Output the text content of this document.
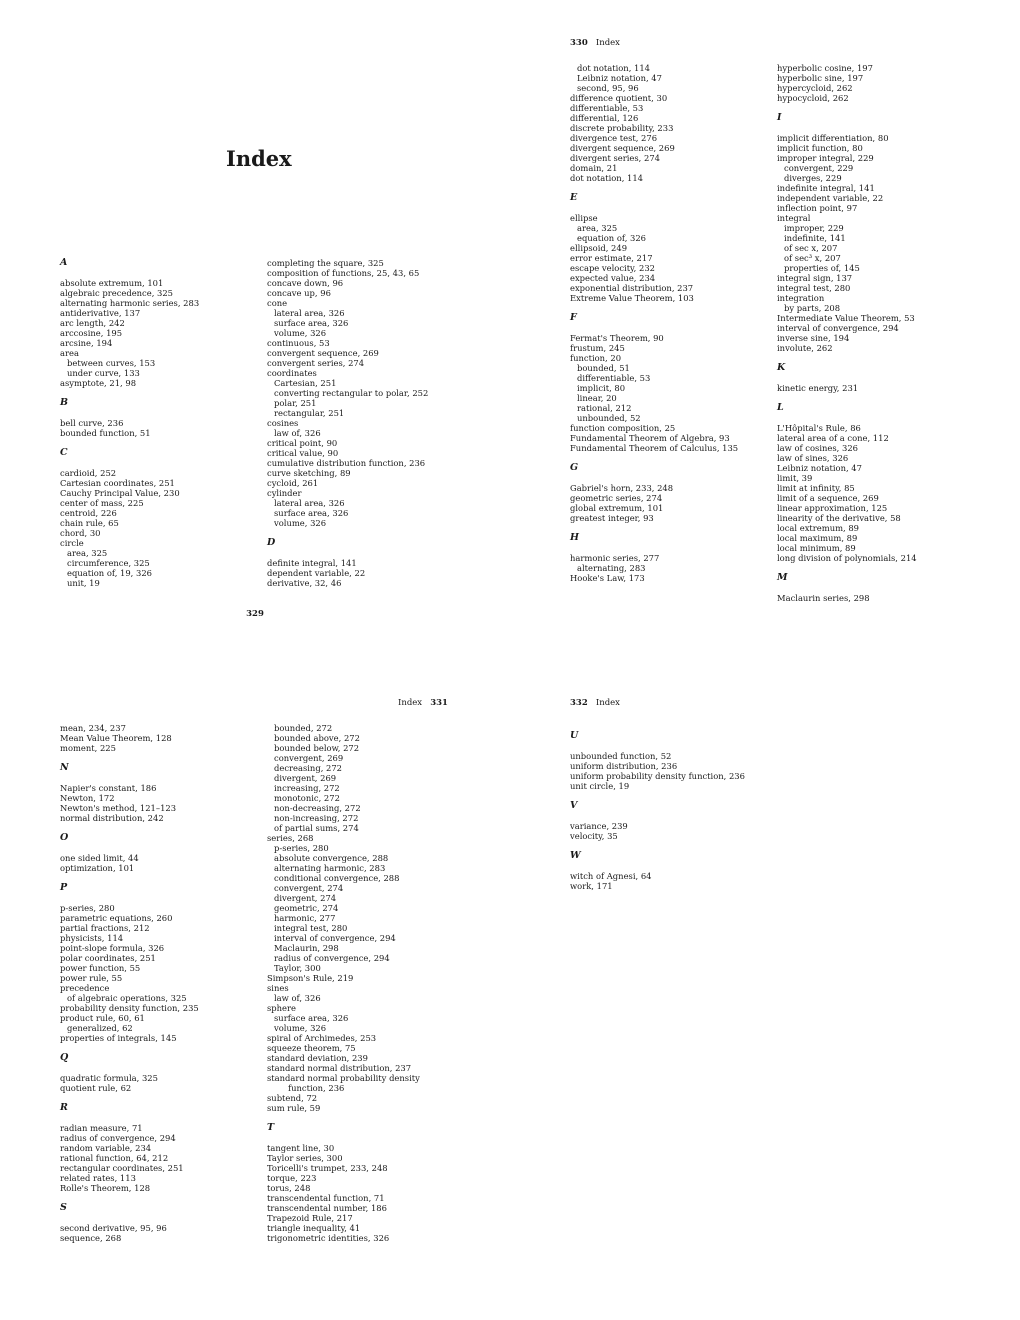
Index
A
absolute extremum, 101
algebraic precedence, 325
alternating harmonic series, 283
antiderivative, 137
arc length, 242
arccosine, 195
arcsine, 194
area
between curves, 153
under curve, 133
asymptote, 21, 98
B
bell curve, 236
bounded function, 51
C
cardioid, 252
Cartesian coordinates, 251
Cauchy Principal Value, 230
center of mass, 225
centroid, 226
chain rule, 65
chord, 30
circle
area, 325
circumference, 325
equation of, 19, 326
unit, 19
completing the square, 325
composition of functions, 25, 43, 65
concave down, 96
concave up, 96
cone
lateral area, 326
surface area, 326
volume, 326
continuous, 53
convergent sequence, 269
convergent series, 274
coordinates
Cartesian, 251
converting rectangular to polar, 252
polar, 251
rectangular, 251
cosines
law of, 326
critical point, 90
critical value, 90
cumulative distribution function, 236
curve sketching, 89
cycloid, 261
cylinder
lateral area, 326
surface area, 326
volume, 326
D
definite integral, 141
dependent variable, 22
derivative, 32, 46
329
330 Index
dot notation, 114
Leibniz notation, 47
second, 95, 96
difference quotient, 30
differentiable, 53
differential, 126
discrete probability, 233
divergence test, 276
divergent sequence, 269
divergent series, 274
domain, 21
dot notation, 114
E
ellipse
area, 325
equation of, 326
ellipsoid, 249
error estimate, 217
escape velocity, 232
expected value, 234
exponential distribution, 237
Extreme Value Theorem, 103
F
Fermat's Theorem, 90
frustum, 245
function, 20
bounded, 51
differentiable, 53
implicit, 80
linear, 20
rational, 212
unbounded, 52
function composition, 25
Fundamental Theorem of Algebra, 93
Fundamental Theorem of Calculus, 135
G
Gabriel's horn, 233, 248
geometric series, 274
global extremum, 101
greatest integer, 93
H
harmonic series, 277
alternating, 283
Hooke's Law, 173
hyperbolic cosine, 197
hyperbolic sine, 197
hypercycloid, 262
hypocycloid, 262
I
implicit differentiation, 80
implicit function, 80
improper integral, 229
convergent, 229
diverges, 229
indefinite integral, 141
independent variable, 22
inflection point, 97
integral
improper, 229
indefinite, 141
of sec x, 207
of sec³ x, 207
properties of, 145
integral sign, 137
integral test, 280
integration
by parts, 208
Intermediate Value Theorem, 53
interval of convergence, 294
inverse sine, 194
involute, 262
K
kinetic energy, 231
L
L'Hôpital's Rule, 86
lateral area of a cone, 112
law of cosines, 326
law of sines, 326
Leibniz notation, 47
limit, 39
limit at infinity, 85
limit of a sequence, 269
linear approximation, 125
linearity of the derivative, 58
local extremum, 89
local maximum, 89
local minimum, 89
long division of polynomials, 214
M
Maclaurin series, 298
Index 331
mean, 234, 237
Mean Value Theorem, 128
moment, 225
N
Napier's constant, 186
Newton, 172
Newton's method, 121–123
normal distribution, 242
O
one sided limit, 44
optimization, 101
P
p-series, 280
parametric equations, 260
partial fractions, 212
physicists, 114
point-slope formula, 326
polar coordinates, 251
power function, 55
power rule, 55
precedence
of algebraic operations, 325
probability density function, 235
product rule, 60, 61
generalized, 62
properties of integrals, 145
Q
quadratic formula, 325
quotient rule, 62
R
radian measure, 71
radius of convergence, 294
random variable, 234
rational function, 64, 212
rectangular coordinates, 251
related rates, 113
Rolle's Theorem, 128
S
second derivative, 95, 96
sequence, 268
bounded, 272
bounded above, 272
bounded below, 272
convergent, 269
decreasing, 272
divergent, 269
increasing, 272
monotonic, 272
non-decreasing, 272
non-increasing, 272
of partial sums, 274
series, 268
p-series, 280
absolute convergence, 288
alternating harmonic, 283
conditional convergence, 288
convergent, 274
divergent, 274
geometric, 274
harmonic, 277
integral test, 280
interval of convergence, 294
Maclaurin, 298
radius of convergence, 294
Taylor, 300
Simpson's Rule, 219
sines
law of, 326
sphere
surface area, 326
volume, 326
spiral of Archimedes, 253
squeeze theorem, 75
standard deviation, 239
standard normal distribution, 237
standard normal probability density
function, 236
subtend, 72
sum rule, 59
T
tangent line, 30
Taylor series, 300
Toricelli's trumpet, 233, 248
torque, 223
torus, 248
transcendental function, 71
transcendental number, 186
Trapezoid Rule, 217
triangle inequality, 41
trigonometric identities, 326
332 Index
U
unbounded function, 52
uniform distribution, 236
uniform probability density function, 236
unit circle, 19
V
variance, 239
velocity, 35
W
witch of Agnesi, 64
work, 171
